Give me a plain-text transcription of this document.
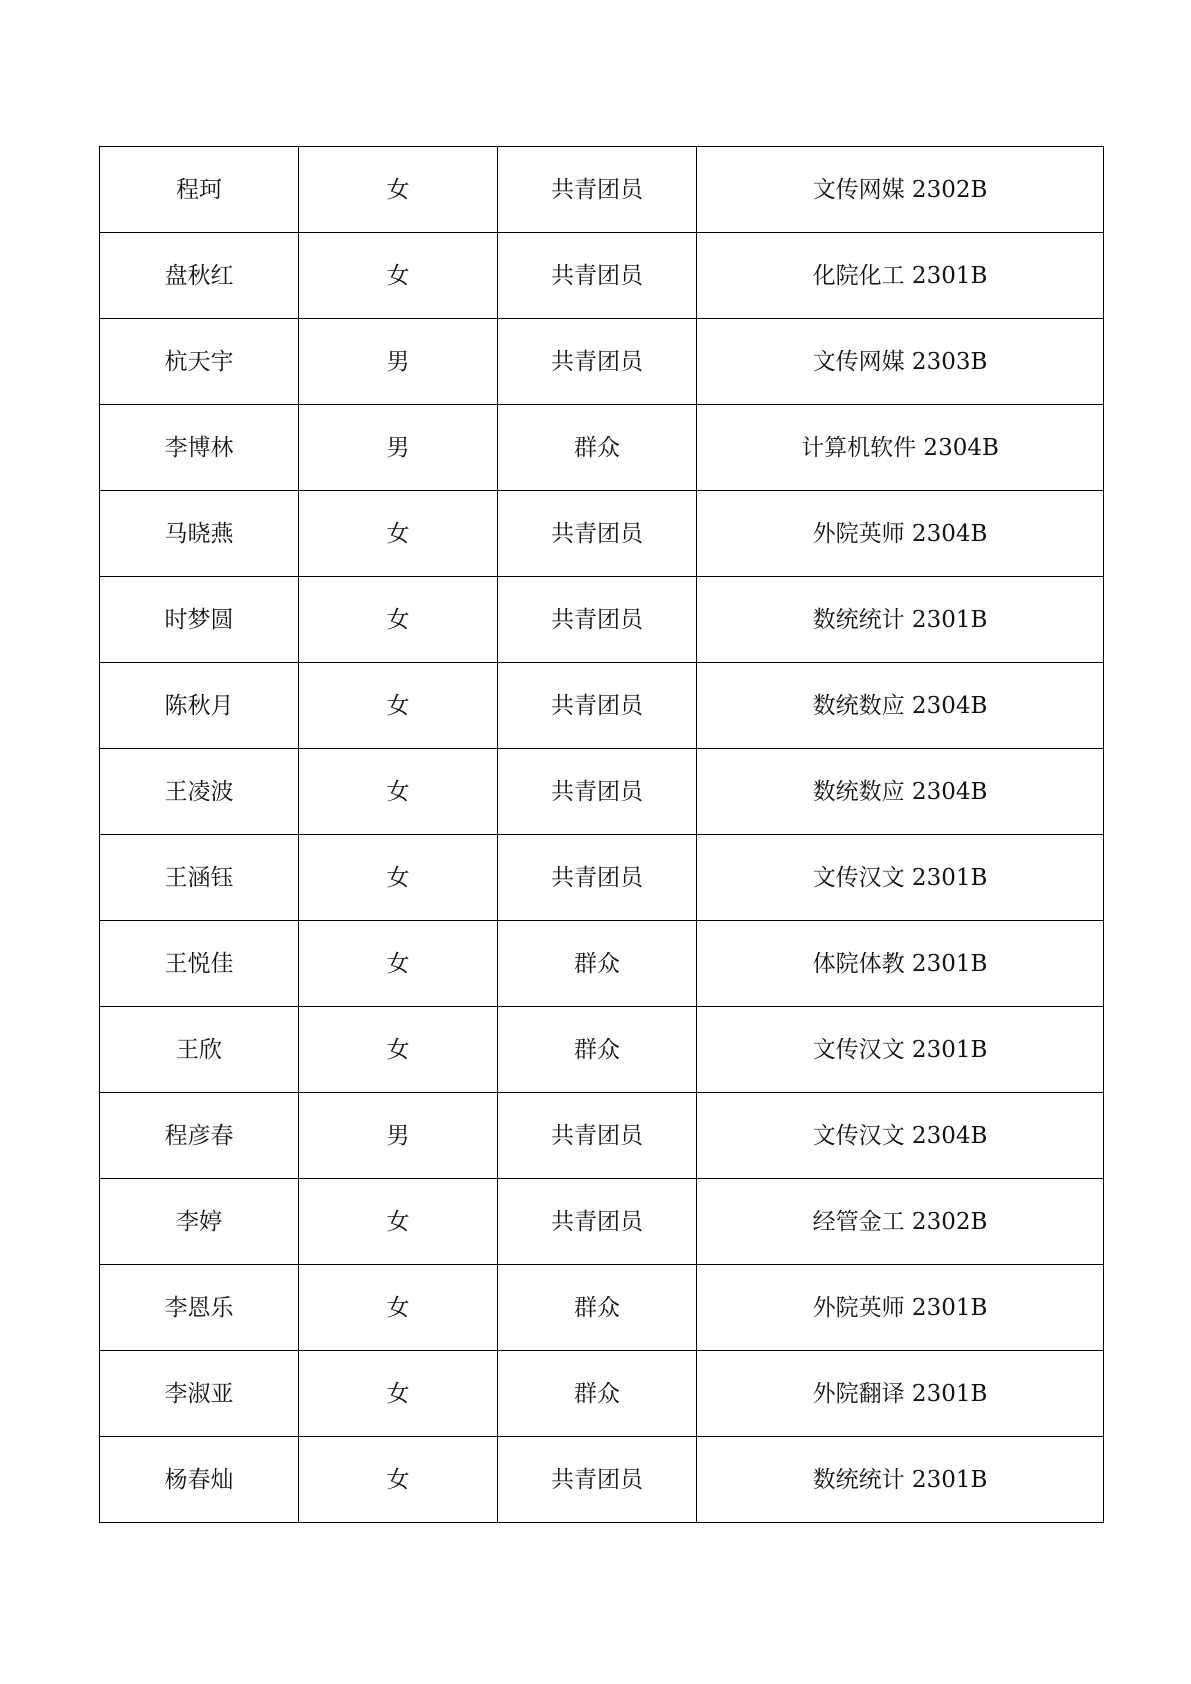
程珂	女	共青团员	文传网媒 2302B
盘秋红	女	共青团员	化院化工 2301B
杭天宇	男	共青团员	文传网媒 2303B
李博林	男	群众	计算机软件 2304B
马晓燕	女	共青团员	外院英师 2304B
时梦圆	女	共青团员	数统统计 2301B
陈秋月	女	共青团员	数统数应 2304B
王凌波	女	共青团员	数统数应 2304B
王涵钰	女	共青团员	文传汉文 2301B
王悦佳	女	群众	体院体教 2301B
王欣	女	群众	文传汉文 2301B
程彦春	男	共青团员	文传汉文 2304B
李婷	女	共青团员	经管金工 2302B
李恩乐	女	群众	外院英师 2301B
李淑亚	女	群众	外院翻译 2301B
杨春灿	女	共青团员	数统统计 2301B
